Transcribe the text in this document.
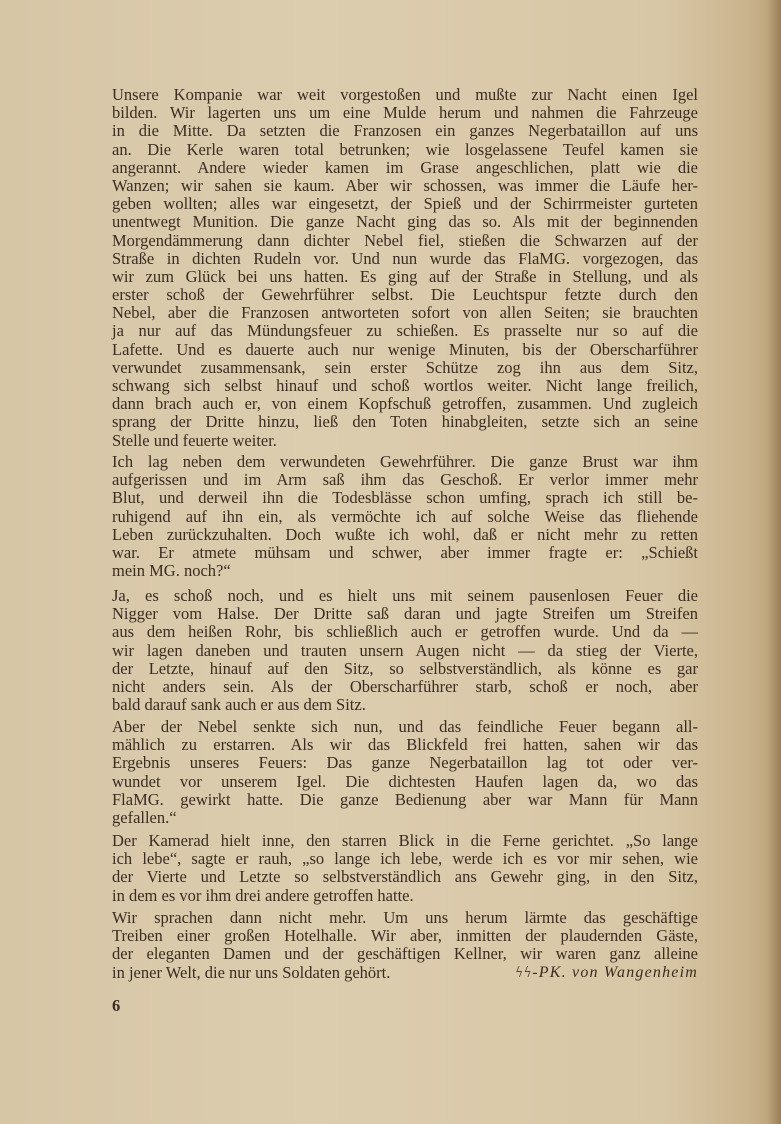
Unsere Kompanie war weit vorgestoßen und mußte zur Nacht einen Igel
bilden. Wir lagerten uns um eine Mulde herum und nahmen die Fahrzeuge
in die Mitte. Da setzten die Franzosen ein ganzes Negerbataillon auf uns
an. Die Kerle waren total betrunken; wie losgelassene Teufel kamen sie
angerannt. Andere wieder kamen im Grase angeschlichen, platt wie die
Wanzen; wir sahen sie kaum. Aber wir schossen, was immer die Läufe her-
geben wollten; alles war eingesetzt, der Spieß und der Schirrmeister gurteten
unentwegt Munition. Die ganze Nacht ging das so. Als mit der beginnenden
Morgendämmerung dann dichter Nebel fiel, stießen die Schwarzen auf der
Straße in dichten Rudeln vor. Und nun wurde das FlaMG. vorgezogen, das
wir zum Glück bei uns hatten. Es ging auf der Straße in Stellung, und als
erster schoß der Gewehrführer selbst. Die Leuchtspur fetzte durch den
Nebel, aber die Franzosen antworteten sofort von allen Seiten; sie brauchten
ja nur auf das Mündungsfeuer zu schießen. Es prasselte nur so auf die
Lafette. Und es dauerte auch nur wenige Minuten, bis der Oberscharführer
verwundet zusammensank, sein erster Schütze zog ihn aus dem Sitz,
schwang sich selbst hinauf und schoß wortlos weiter. Nicht lange freilich,
dann brach auch er, von einem Kopfschuß getroffen, zusammen. Und zugleich
sprang der Dritte hinzu, ließ den Toten hinabgleiten, setzte sich an seine
Stelle und feuerte weiter.
Ich lag neben dem verwundeten Gewehrführer. Die ganze Brust war ihm
aufgerissen und im Arm saß ihm das Geschoß. Er verlor immer mehr
Blut, und derweil ihn die Todesblässe schon umfing, sprach ich still be-
ruhigend auf ihn ein, als vermöchte ich auf solche Weise das fliehende
Leben zurückzuhalten. Doch wußte ich wohl, daß er nicht mehr zu retten
war. Er atmete mühsam und schwer, aber immer fragte er: „Schießt
mein MG. noch?“
Ja, es schoß noch, und es hielt uns mit seinem pausenlosen Feuer die
Nigger vom Halse. Der Dritte saß daran und jagte Streifen um Streifen
aus dem heißen Rohr, bis schließlich auch er getroffen wurde. Und da —
wir lagen daneben und trauten unsern Augen nicht — da stieg der Vierte,
der Letzte, hinauf auf den Sitz, so selbstverständlich, als könne es gar
nicht anders sein. Als der Oberscharführer starb, schoß er noch, aber
bald darauf sank auch er aus dem Sitz.
Aber der Nebel senkte sich nun, und das feindliche Feuer begann all-
mählich zu erstarren. Als wir das Blickfeld frei hatten, sahen wir das
Ergebnis unseres Feuers: Das ganze Negerbataillon lag tot oder ver-
wundet vor unserem Igel. Die dichtesten Haufen lagen da, wo das
FlaMG. gewirkt hatte. Die ganze Bedienung aber war Mann für Mann
gefallen.“
Der Kamerad hielt inne, den starren Blick in die Ferne gerichtet. „So lange
ich lebe“, sagte er rauh, „so lange ich lebe, werde ich es vor mir sehen, wie
der Vierte und Letzte so selbstverständlich ans Gewehr ging, in den Sitz,
in dem es vor ihm drei andere getroffen hatte.
Wir sprachen dann nicht mehr. Um uns herum lärmte das geschäftige
Treiben einer großen Hotelhalle. Wir aber, inmitten der plaudernden Gäste,
der eleganten Damen und der geschäftigen Kellner, wir waren ganz alleine
in jener Welt, die nur uns Soldaten gehört.	ϟϟ-PK. von Wangenheim
6
